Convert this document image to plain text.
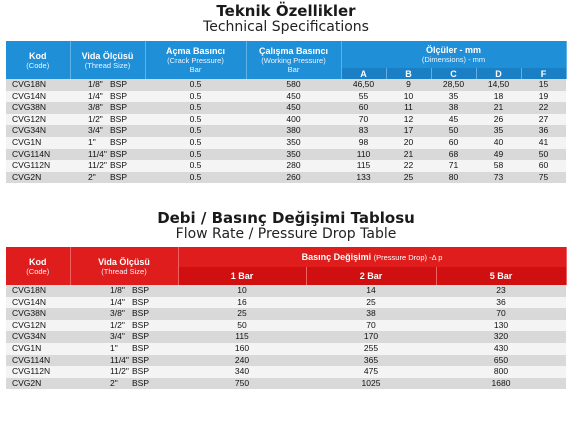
Teknik Özellikler
Technical Specifications
Kod
(Code)	Vida Ölçüsü
(Thread Size)	Açma Basıncı
(Crack Pressure)
Bar	Çalışma Basıncı
(Working Pressure)
Bar	Ölçüler - mm
(Dimensions) - mm				

				A	B	C	D	F
CVG18N	1/8" BSP	0.5	580	46,50	9	28,50	14,50	15
CVG14N	1/4" BSP	0.5	450	55	10	35	18	19
CVG38N	3/8" BSP	0.5	450	60	11	38	21	22
CVG12N	1/2" BSP	0.5	400	70	12	45	26	27
CVG34N	3/4" BSP	0.5	380	83	17	50	35	36
CVG1N	1" BSP	0.5	350	98	20	60	40	41
CVG114N	11/4" BSP	0.5	350	110	21	68	49	50
CVG112N	11/2" BSP	0.5	280	115	22	71	58	60
CVG2N	2" BSP	0.5	260	133	25	80	73	75
Debi / Basınç Değişimi Tablosu
Flow Rate / Pressure Drop Table
Kod
(Code)	Vida Ölçüsü
(Thread Size)	Basınç Değişimi (Pressure Drop) -Δ p		
		1 Bar	2 Bar	5 Bar
CVG18N	1/8" BSP	10	14	23
CVG14N	1/4" BSP	16	25	36
CVG38N	3/8" BSP	25	38	70
CVG12N	1/2" BSP	50	70	130
CVG34N	3/4" BSP	115	170	320
CVG1N	1" BSP	160	255	430
CVG114N	11/4" BSP	240	365	650
CVG112N	11/2" BSP	340	475	800
CVG2N	2" BSP	750	1025	1680
